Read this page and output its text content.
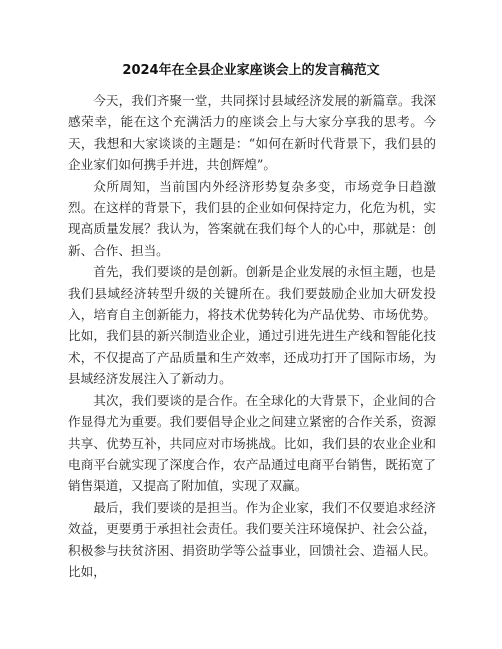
2024年在全县企业家座谈会上的发言稿范文

今天，我们齐聚一堂，共同探讨县域经济发展的新篇章。我深感荣幸，能在这个充满活力的座谈会上与大家分享我的思考。今天，我想和大家谈谈的主题是：“如何在新时代背景下，我们县的企业家们如何携手并进，共创辉煌”。

众所周知，当前国内外经济形势复杂多变，市场竞争日趋激烈。在这样的背景下，我们县的企业如何保持定力，化危为机，实现高质量发展？我认为，答案就在我们每个人的心中，那就是：创新、合作、担当。

首先，我们要谈的是创新。创新是企业发展的永恒主题，也是我们县域经济转型升级的关键所在。我们要鼓励企业加大研发投入，培育自主创新能力，将技术优势转化为产品优势、市场优势。比如，我们县的新兴制造业企业，通过引进先进生产线和智能化技术，不仅提高了产品质量和生产效率，还成功打开了国际市场，为县域经济发展注入了新动力。

其次，我们要谈的是合作。在全球化的大背景下，企业间的合作显得尤为重要。我们要倡导企业之间建立紧密的合作关系，资源共享、优势互补，共同应对市场挑战。比如，我们县的农业企业和电商平台就实现了深度合作，农产品通过电商平台销售，既拓宽了销售渠道，又提高了附加值，实现了双赢。

最后，我们要谈的是担当。作为企业家，我们不仅要追求经济效益，更要勇于承担社会责任。我们要关注环境保护、社会公益，积极参与扶贫济困、捐资助学等公益事业，回馈社会、造福人民。比如，
